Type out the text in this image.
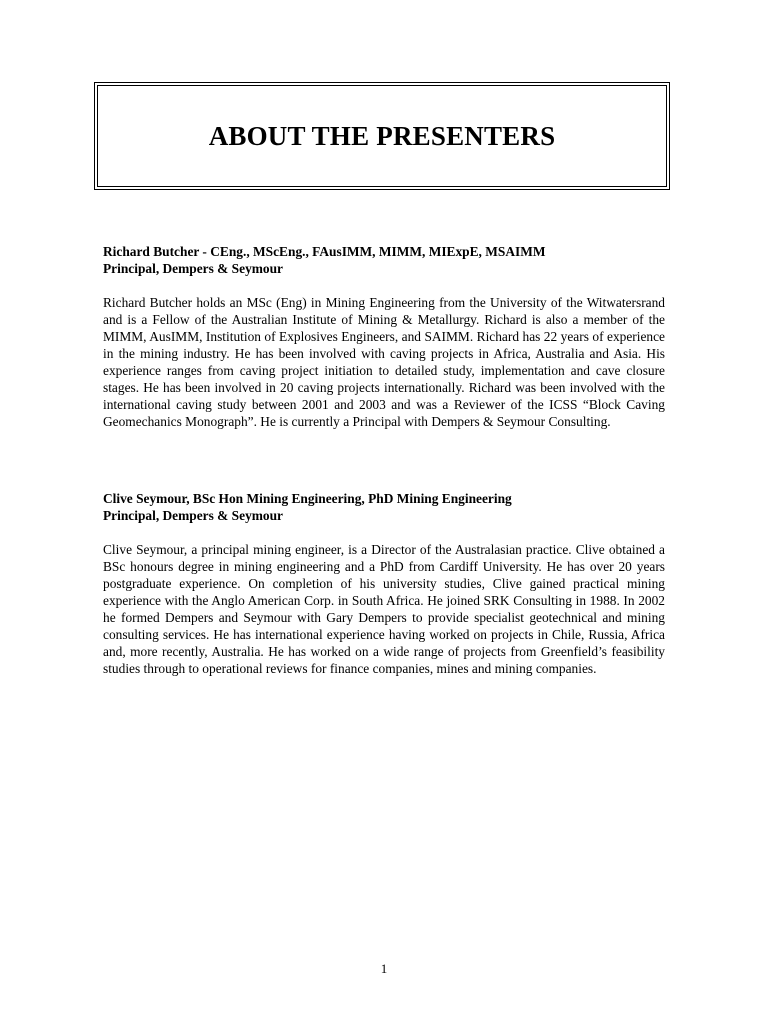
ABOUT THE PRESENTERS
Richard Butcher - CEng., MScEng., FAusIMM, MIMM, MIExpE, MSAIMM
Principal, Dempers & Seymour

Richard Butcher holds an MSc (Eng) in Mining Engineering from the University of the Witwatersrand and is a Fellow of the Australian Institute of Mining & Metallurgy. Richard is also a member of the MIMM, AusIMM, Institution of Explosives Engineers, and SAIMM. Richard has 22 years of experience in the mining industry. He has been involved with caving projects in Africa, Australia and Asia. His experience ranges from caving project initiation to detailed study, implementation and cave closure stages. He has been involved in 20 caving projects internationally. Richard was been involved with the international caving study between 2001 and 2003 and was a Reviewer of the ICSS “Block Caving Geomechanics Monograph”. He is currently a Principal with Dempers & Seymour Consulting.

Clive Seymour, BSc Hon Mining Engineering, PhD Mining Engineering
Principal, Dempers & Seymour

Clive Seymour, a principal mining engineer, is a Director of the Australasian practice. Clive obtained a BSc honours degree in mining engineering and a PhD from Cardiff University. He has over 20 years postgraduate experience. On completion of his university studies, Clive gained practical mining experience with the Anglo American Corp. in South Africa. He joined SRK Consulting in 1988. In 2002 he formed Dempers and Seymour with Gary Dempers to provide specialist geotechnical and mining consulting services. He has international experience having worked on projects in Chile, Russia, Africa and, more recently, Australia. He has worked on a wide range of projects from Greenfield’s feasibility studies through to operational reviews for finance companies, mines and mining companies.

1
